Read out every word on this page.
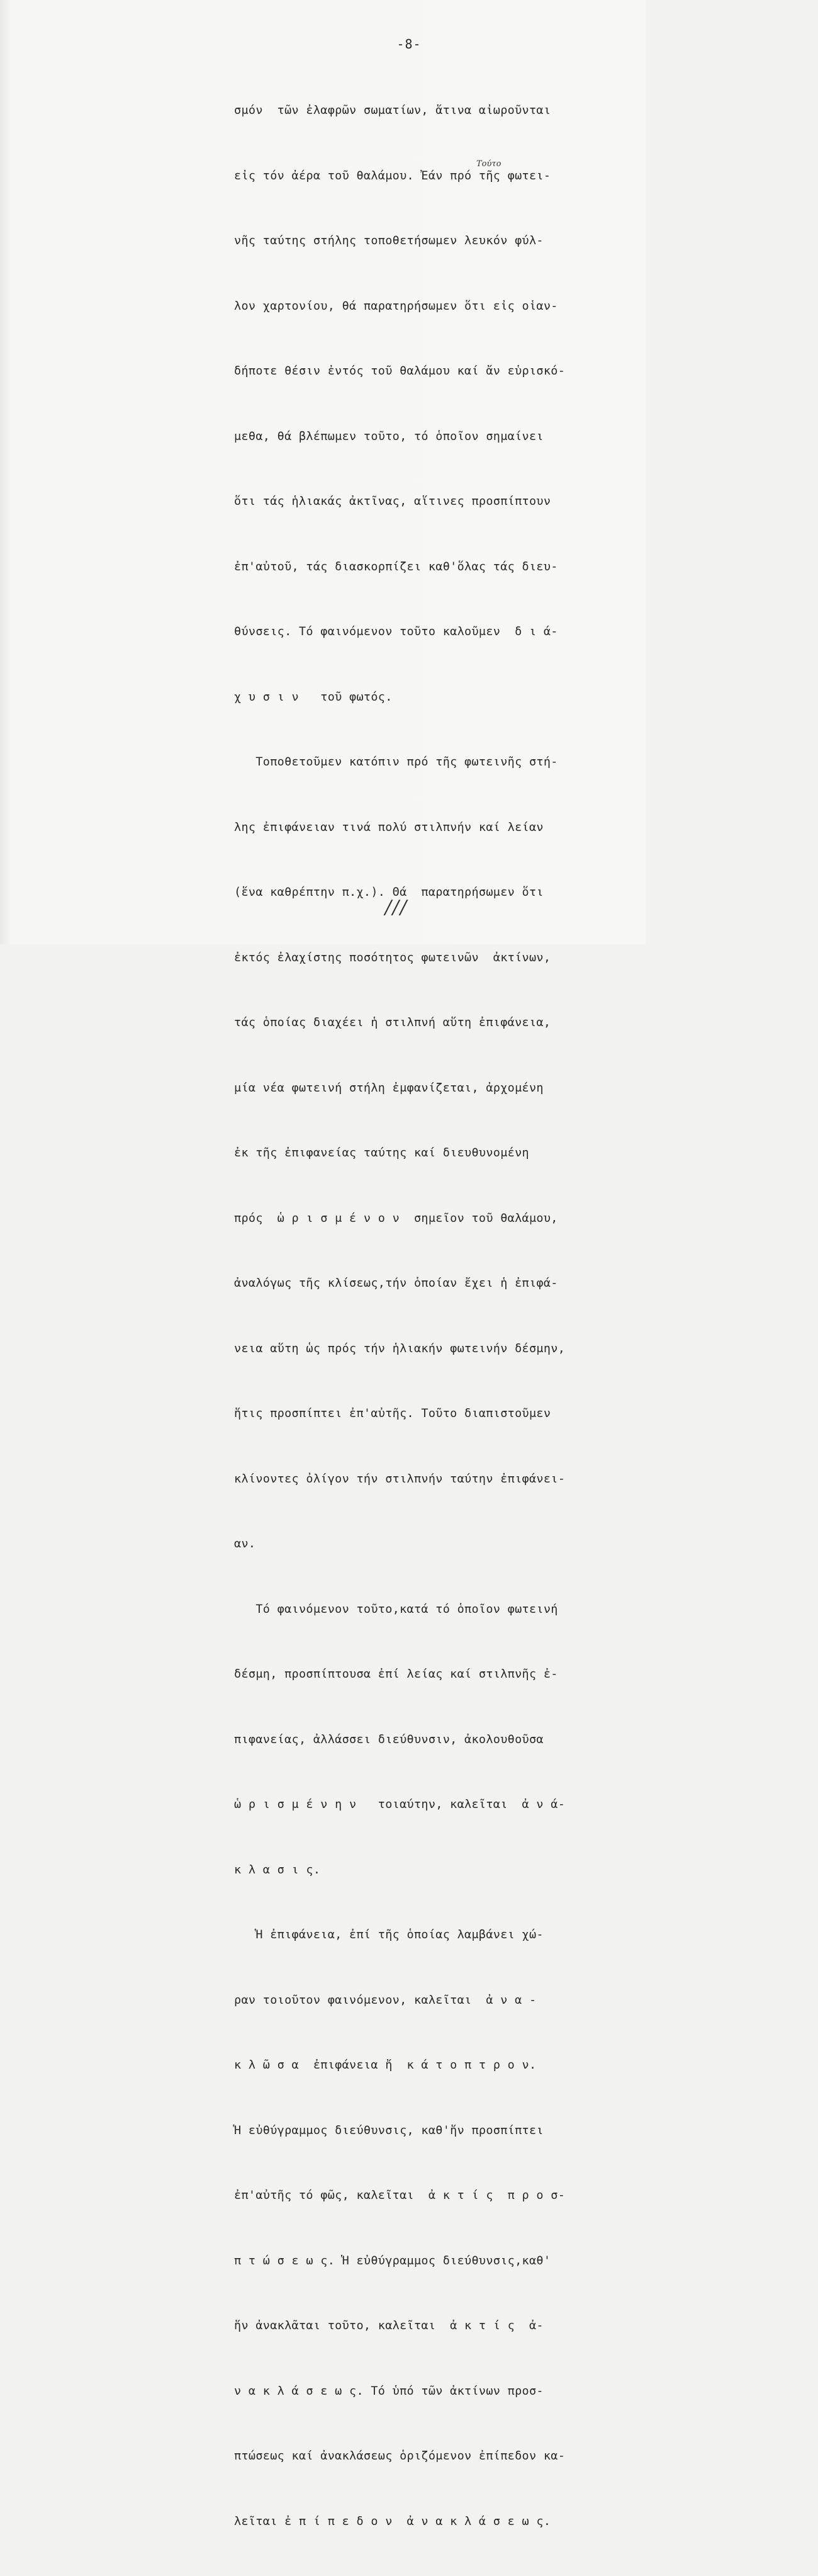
-8-
Τούτο

σμόν  τῶν ἐλαφρῶν σωματίων, ἅτινα αἰωροῦνται

εἰς τόν ἀέρα τοῦ θαλάμου. Ἐάν πρό τῆς φωτει-

νῆς ταύτης στήλης τοποθετήσωμεν λευκόν φύλ-

λον χαρτονίου, θά παρατηρήσωμεν ὅτι εἰς οἱαν-

δήποτε θέσιν ἐντός τοῦ θαλάμου καί ἄν εὑρισκό-

μεθα, θά βλέπωμεν τοῦτο, τό ὁποῖον σημαίνει

ὅτι τάς ἡλιακάς ἀκτῖνας, αἵτινες προσπίπτουν

ἐπ'αὐτοῦ, τάς διασκορπίζει καθ'ὅλας τάς διευ-

θύνσεις. Τό φαινόμενον τοῦτο καλοῦμεν  δ ι ά-

χ υ σ ι ν   τοῦ φωτός.

Τοποθετοῦμεν κατόπιν πρό τῆς φωτεινῆς στή-

λης ἐπιφάνειαν τινά πολύ στιλπνήν καί λείαν

(ἕνα καθρέπτην π.χ.). Θά  παρατηρήσωμεν ὅτι

ἐκτός ἐλαχίστης ποσότητος φωτεινῶν  ἀκτίνων,

τάς ὁποίας διαχέει ἡ στιλπνή αὕτη ἐπιφάνεια,

μία νέα φωτεινή στήλη ἐμφανίζεται, ἀρχομένη

ἐκ τῆς ἐπιφανείας ταύτης καί διευθυνομένη

πρός  ὡ ρ ι σ μ έ ν ο ν  σημεῖον τοῦ θαλάμου,

ἀναλόγως τῆς κλίσεως,τήν ὁποίαν ἔχει ἡ ἐπιφά-

νεια αὕτη ὡς πρός τήν ἡλιακήν φωτεινήν δέσμην,

ἥτις προσπίπτει ἐπ'αὐτῆς. Τοῦτο διαπιστοῦμεν

κλίνοντες ὀλίγον τήν στιλπνήν ταύτην ἐπιφάνει-

αν.

Τό φαινόμενον τοῦτο,κατά τό ὁποῖον φωτεινή

δέσμη, προσπίπτουσα ἐπί λείας καί στιλπνῆς ἐ-

πιφανείας, ἀλλάσσει διεύθυνσιν, ἀκολουθοῦσα

ὡ ρ ι σ μ έ ν η ν   τοιαύτην, καλεῖται  ἀ ν ά-

κ λ α σ ι ς.

Ἡ ἐπιφάνεια, ἐπί τῆς ὁποίας λαμβάνει χώ-

ραν τοιοῦτον φαινόμενον, καλεῖται  ἀ ν α -

κ λ ῶ σ α  ἐπιφάνεια ἤ  κ ά τ ο π τ ρ ο ν.

Ἡ εὐθύγραμμος διεύθυνσις, καθ'ἥν προσπίπτει

ἐπ'αὐτῆς τό φῶς, καλεῖται  ἀ κ τ ί ς  π ρ ο σ-

π τ ώ σ ε ω ς. Ἡ εὐθύγραμμος διεύθυνσις,καθ'

ἥν ἀνακλᾶται τοῦτο, καλεῖται  ἀ κ τ ί ς  ἀ-

ν α κ λ ά σ ε ω ς. Τό ὑπό τῶν ἀκτίνων προσ-

πτώσεως καί ἀνακλάσεως ὁριζόμενον ἐπίπεδον κα-

λεῖται ἐ π ί π ε δ ο ν  ἀ ν α κ λ ά σ ε ω ς.

///
